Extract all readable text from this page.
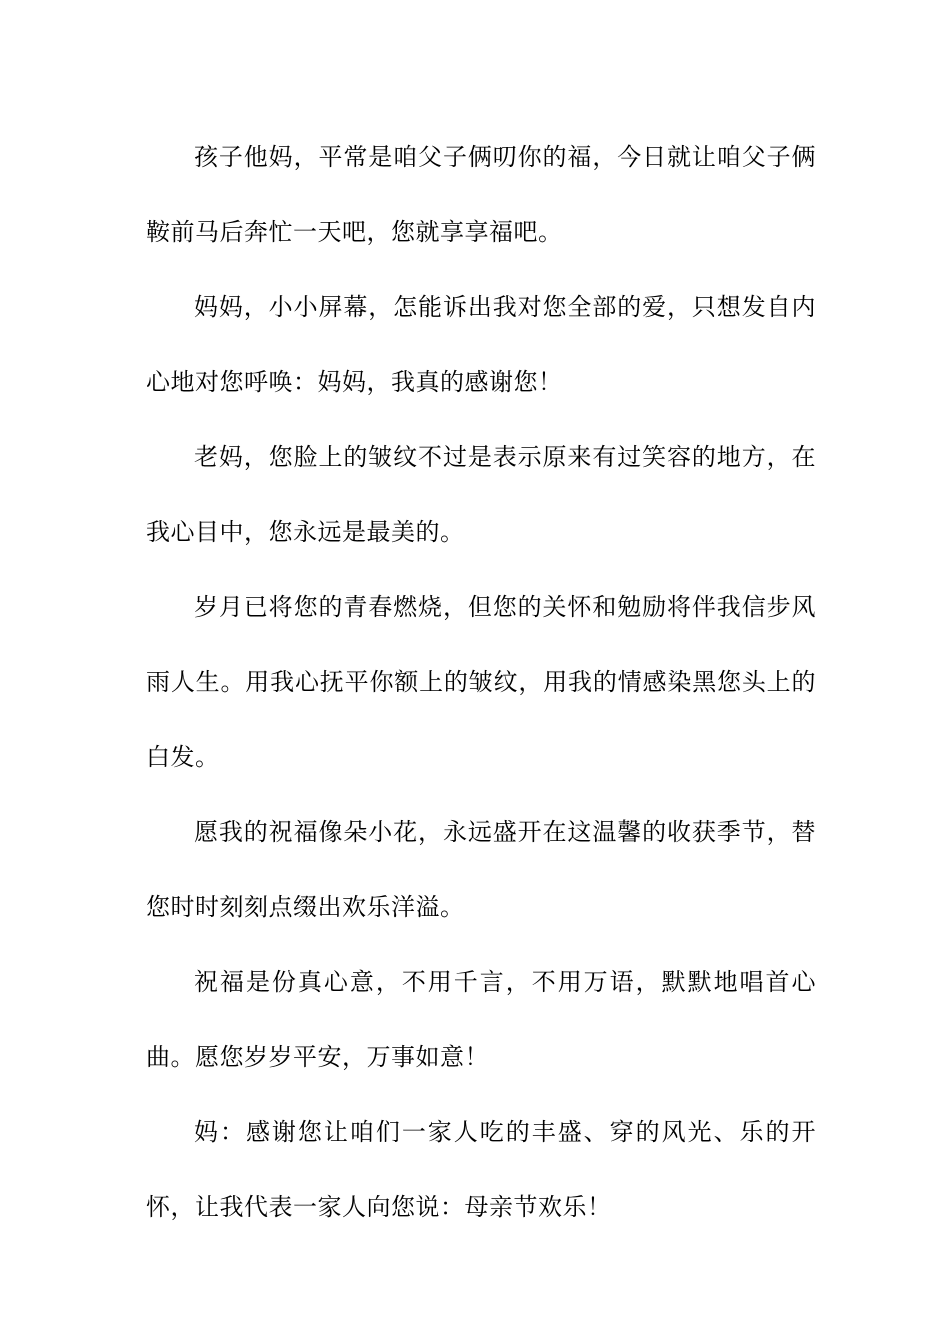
孩子他妈，平常是咱父子俩叨你的福，今日就让咱父子俩鞍前马后奔忙一天吧，您就享享福吧。

妈妈，小小屏幕，怎能诉出我对您全部的爱，只想发自内心地对您呼唤：妈妈，我真的感谢您！

老妈，您脸上的皱纹不过是表示原来有过笑容的地方，在我心目中，您永远是最美的。

岁月已将您的青春燃烧，但您的关怀和勉励将伴我信步风雨人生。用我心抚平你额上的皱纹，用我的情感染黑您头上的白发。

愿我的祝福像朵小花，永远盛开在这温馨的收获季节，替您时时刻刻点缀出欢乐洋溢。

祝福是份真心意，不用千言，不用万语，默默地唱首心曲。愿您岁岁平安，万事如意！

妈：感谢您让咱们一家人吃的丰盛、穿的风光、乐的开怀，让我代表一家人向您说：母亲节欢乐！
